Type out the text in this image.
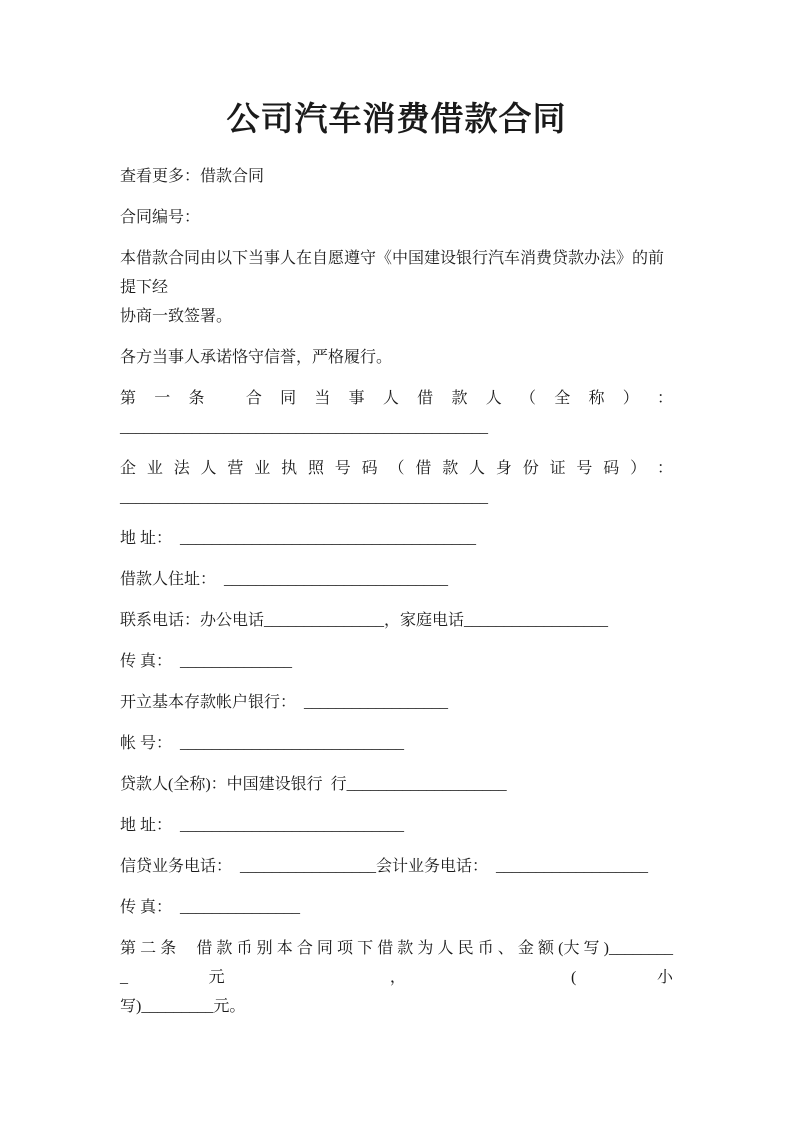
公司汽车消费借款合同
查看更多：借款合同
合同编号：
本借款合同由以下当事人在自愿遵守《中国建设银行汽车消费贷款办法》的前提下经
协商一致签署。
各方当事人承诺恪守信誉，严格履行。
第 一 条 　合 同 当 事 人 借 款 人 （ 全 称 ） ：
______________________________________________
企 业 法 人 营 业 执 照 号 码 （ 借 款 人 身 份 证 号 码 ） ：
______________________________________________
地 址：  _____________________________________
借款人住址：  ____________________________
联系电话：办公电话_______________，家庭电话__________________
传 真：  ______________
开立基本存款帐户银行：  __________________
帐 号：  ____________________________
贷款人(全称)：中国建设银行  行____________________
地 址：  ____________________________
信贷业务电话：  _________________会计业务电话：  ___________________
传 真：  _______________
第 二 条 　借 款 币 别 本 合 同 项 下 借 款 为 人 民 币 、 金 额 (大 写 )_________元 ， (小
写)_________元。
